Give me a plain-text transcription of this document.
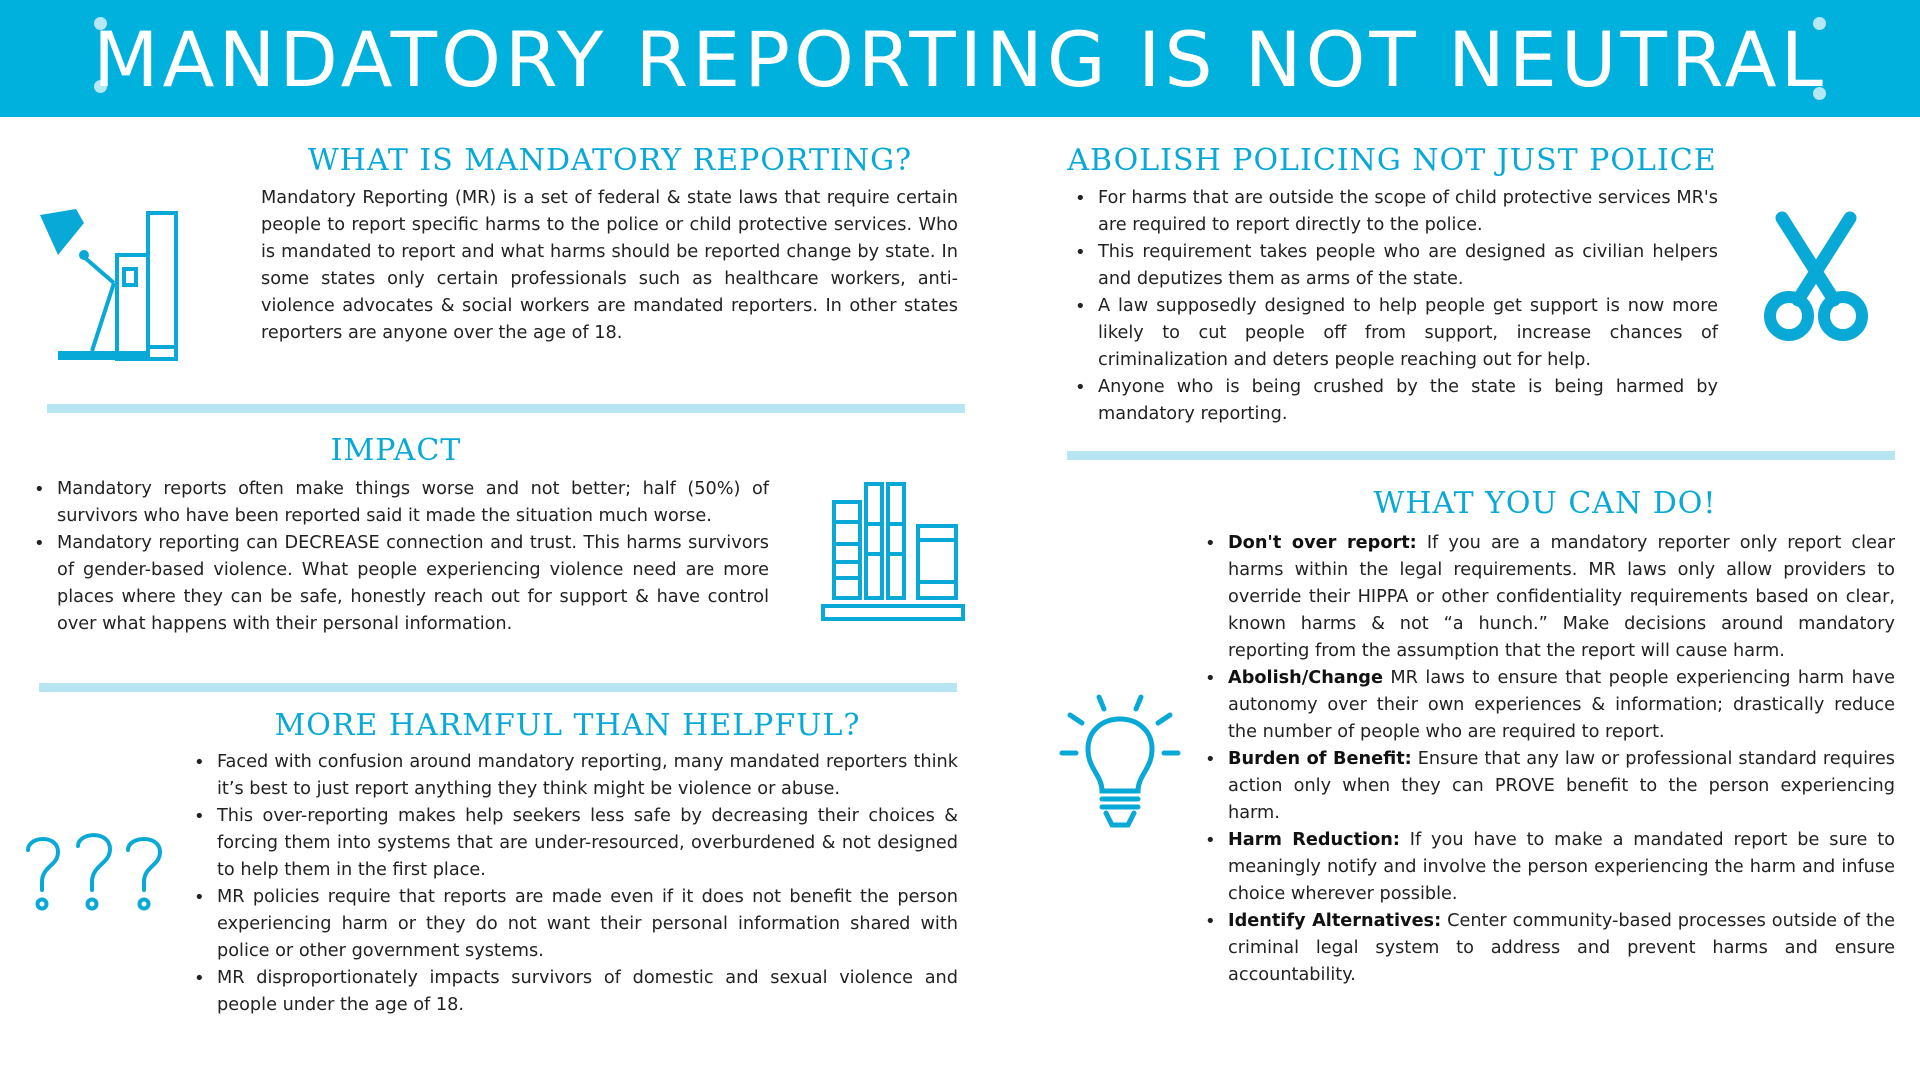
MANDATORY REPORTING IS NOT NEUTRAL
WHAT IS MANDATORY REPORTING?
Mandatory Reporting (MR) is a set of federal & state laws that require certain people to report specific harms to the police or child protective services. Who is mandated to report and what harms should be reported change by state. In some states only certain professionals such as healthcare workers, anti-violence advocates & social workers are mandated reporters. In other states reporters are anyone over the age of 18.
IMPACT
• Mandatory reports often make things worse and not better; half (50%) of survivors who have been reported said it made the situation much worse.
• Mandatory reporting can DECREASE connection and trust. This harms survivors of gender-based violence. What people experiencing violence need are more places where they can be safe, honestly reach out for support & have control over what happens with their personal information.
MORE HARMFUL THAN HELPFUL?
• Faced with confusion around mandatory reporting, many mandated reporters think it’s best to just report anything they think might be violence or abuse.
• This over-reporting makes help seekers less safe by decreasing their choices & forcing them into systems that are under-resourced, overburdened & not designed to help them in the first place.
• MR policies require that reports are made even if it does not benefit the person experiencing harm or they do not want their personal information shared with police or other government systems.
• MR disproportionately impacts survivors of domestic and sexual violence and people under the age of 18.
ABOLISH POLICING NOT JUST POLICE
• For harms that are outside the scope of child protective services MR's are required to report directly to the police.
• This requirement takes people who are designed as civilian helpers and deputizes them as arms of the state.
• A law supposedly designed to help people get support is now more likely to cut people off from support, increase chances of criminalization and deters people reaching out for help.
• Anyone who is being crushed by the state is being harmed by mandatory reporting.
WHAT YOU CAN DO!
• Don't over report: If you are a mandatory reporter only report clear harms within the legal requirements. MR laws only allow providers to override their HIPPA or other confidentiality requirements based on clear, known harms & not “a hunch.” Make decisions around mandatory reporting from the assumption that the report will cause harm.
• Abolish/Change MR laws to ensure that people experiencing harm have autonomy over their own experiences & information; drastically reduce the number of people who are required to report.
• Burden of Benefit: Ensure that any law or professional standard requires action only when they can PROVE benefit to the person experiencing harm.
• Harm Reduction: If you have to make a mandated report be sure to meaningly notify and involve the person experiencing the harm and infuse choice wherever possible.
• Identify Alternatives: Center community-based processes outside of the criminal legal system to address and prevent harms and ensure accountability.
